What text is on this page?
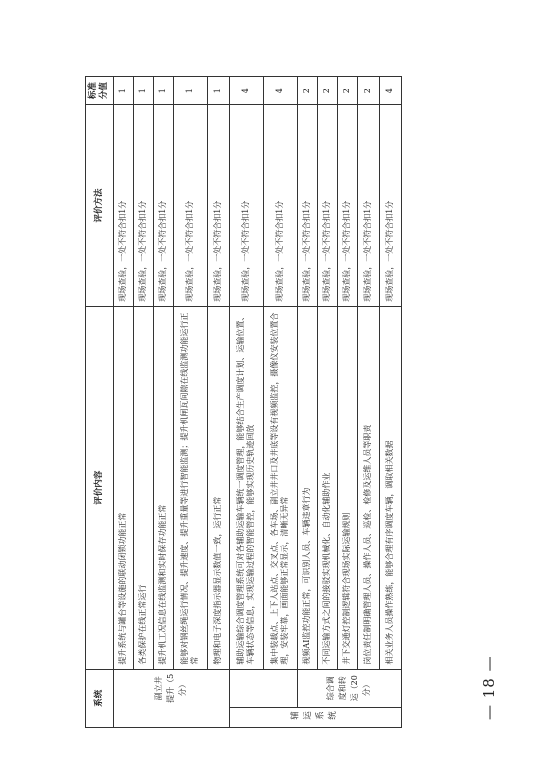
— 18 —
系统		评价内容	评价方法	标准分值

副立井提升（5分）		提升系统与罐台等设施的联动闭锁功能正常	现场查验，一处不符合扣1分	1
		各类保护在线正常运行	现场查验，一处不符合扣1分	1
		提升机工况信息在线监测和实时保存功能正常	现场查验，一处不符合扣1分	1
		能够对钢丝绳运行情况、提升速度、提升重量等进行智能监测；提升机闸瓦间隙在线监测功能运行正常	现场查验，一处不符合扣1分	1
		物理和电子深度指示器显示数值一致，运行正常	现场查验，一处不符合扣1分	1

辅运系统		辅助运输综合调度管理系统可对各辅助运输车辆统一调度管理，能够结合生产调度计划、运输位置、车辆状态等信息，实现运输过程的智能管控，能够实现历史轨迹回放	现场查验，一处不符合扣1分	4
		集中装载点、上下人站点、交叉点、各车场、副立井井口及井底等设有视频监控，摄像仪安装位置合理，安装牢靠，画面能够正常显示，清晰无异常	现场查验，一处不符合扣1分	4

	综合调度和转运（20分）	视频AI监控功能正常，可识别人员、车辆违章行为	现场查验，一处不符合扣1分	2
		不同运输方式之间的接驳实现机械化、自动化辅助作业	现场查验，一处不符合扣1分	2
		井下交通灯控制逻辑符合现场实际运输规则	现场查验，一处不符合扣1分	2
		岗位责任制明确管理人员、操作人员、巡检、检修及运维人员等职责	现场查验，一处不符合扣1分	2
		相关业务人员操作熟练，能够合理有序调度车辆，调取相关数据	现场查验，一处不符合扣1分	4
